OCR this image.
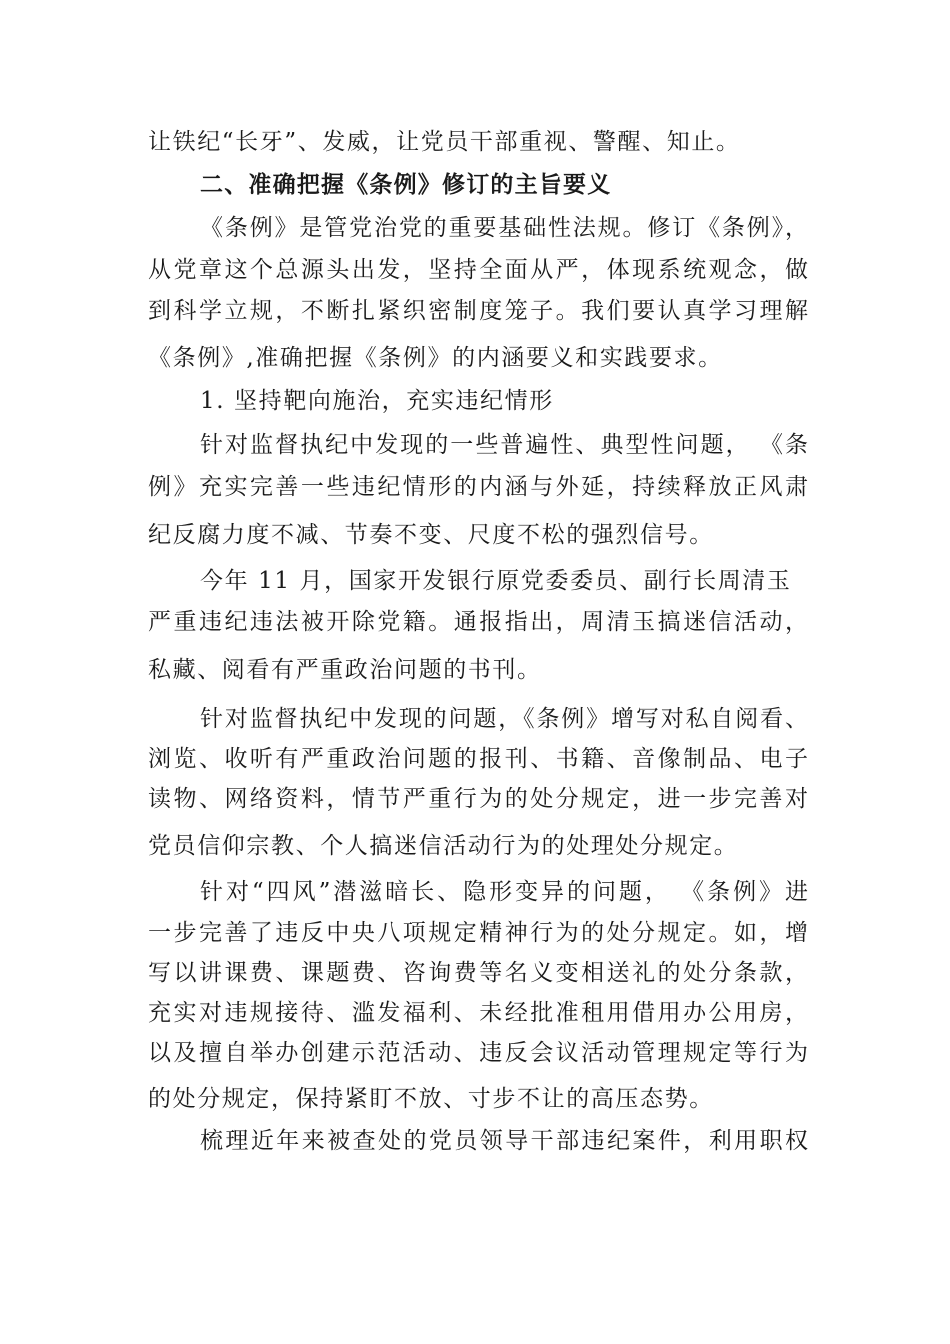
让铁纪“长牙”、发威，让党员干部重视、警醒、知止。
二、准确把握《条例》修订的主旨要义
《条例》是管党治党的重要基础性法规。修订《条例》，
从党章这个总源头出发，坚持全面从严，体现系统观念，做
到科学立规，不断扎紧织密制度笼子。我们要认真学习理解
《条例》,准确把握《条例》的内涵要义和实践要求。
1. 坚持靶向施治，充实违纪情形
针对监督执纪中发现的一些普遍性、典型性问题， 《条
例》充实完善一些违纪情形的内涵与外延，持续释放正风肃
纪反腐力度不减、节奏不变、尺度不松的强烈信号。
今年 11 月，国家开发银行原党委委员、副行长周清玉
严重违纪违法被开除党籍。通报指出，周清玉搞迷信活动，
私藏、阅看有严重政治问题的书刊。
针对监督执纪中发现的问题，《条例》增写对私自阅看、
浏览、收听有严重政治问题的报刊、书籍、音像制品、电子
读物、网络资料，情节严重行为的处分规定，进一步完善对
党员信仰宗教、个人搞迷信活动行为的处理处分规定。
针对“四风”潜滋暗长、隐形变异的问题， 《条例》进
一步完善了违反中央八项规定精神行为的处分规定。如，增
写以讲课费、课题费、咨询费等名义变相送礼的处分条款，
充实对违规接待、滥发福利、未经批准租用借用办公用房，
以及擅自举办创建示范活动、违反会议活动管理规定等行为
的处分规定，保持紧盯不放、寸步不让的高压态势。
梳理近年来被查处的党员领导干部违纪案件，利用职权
